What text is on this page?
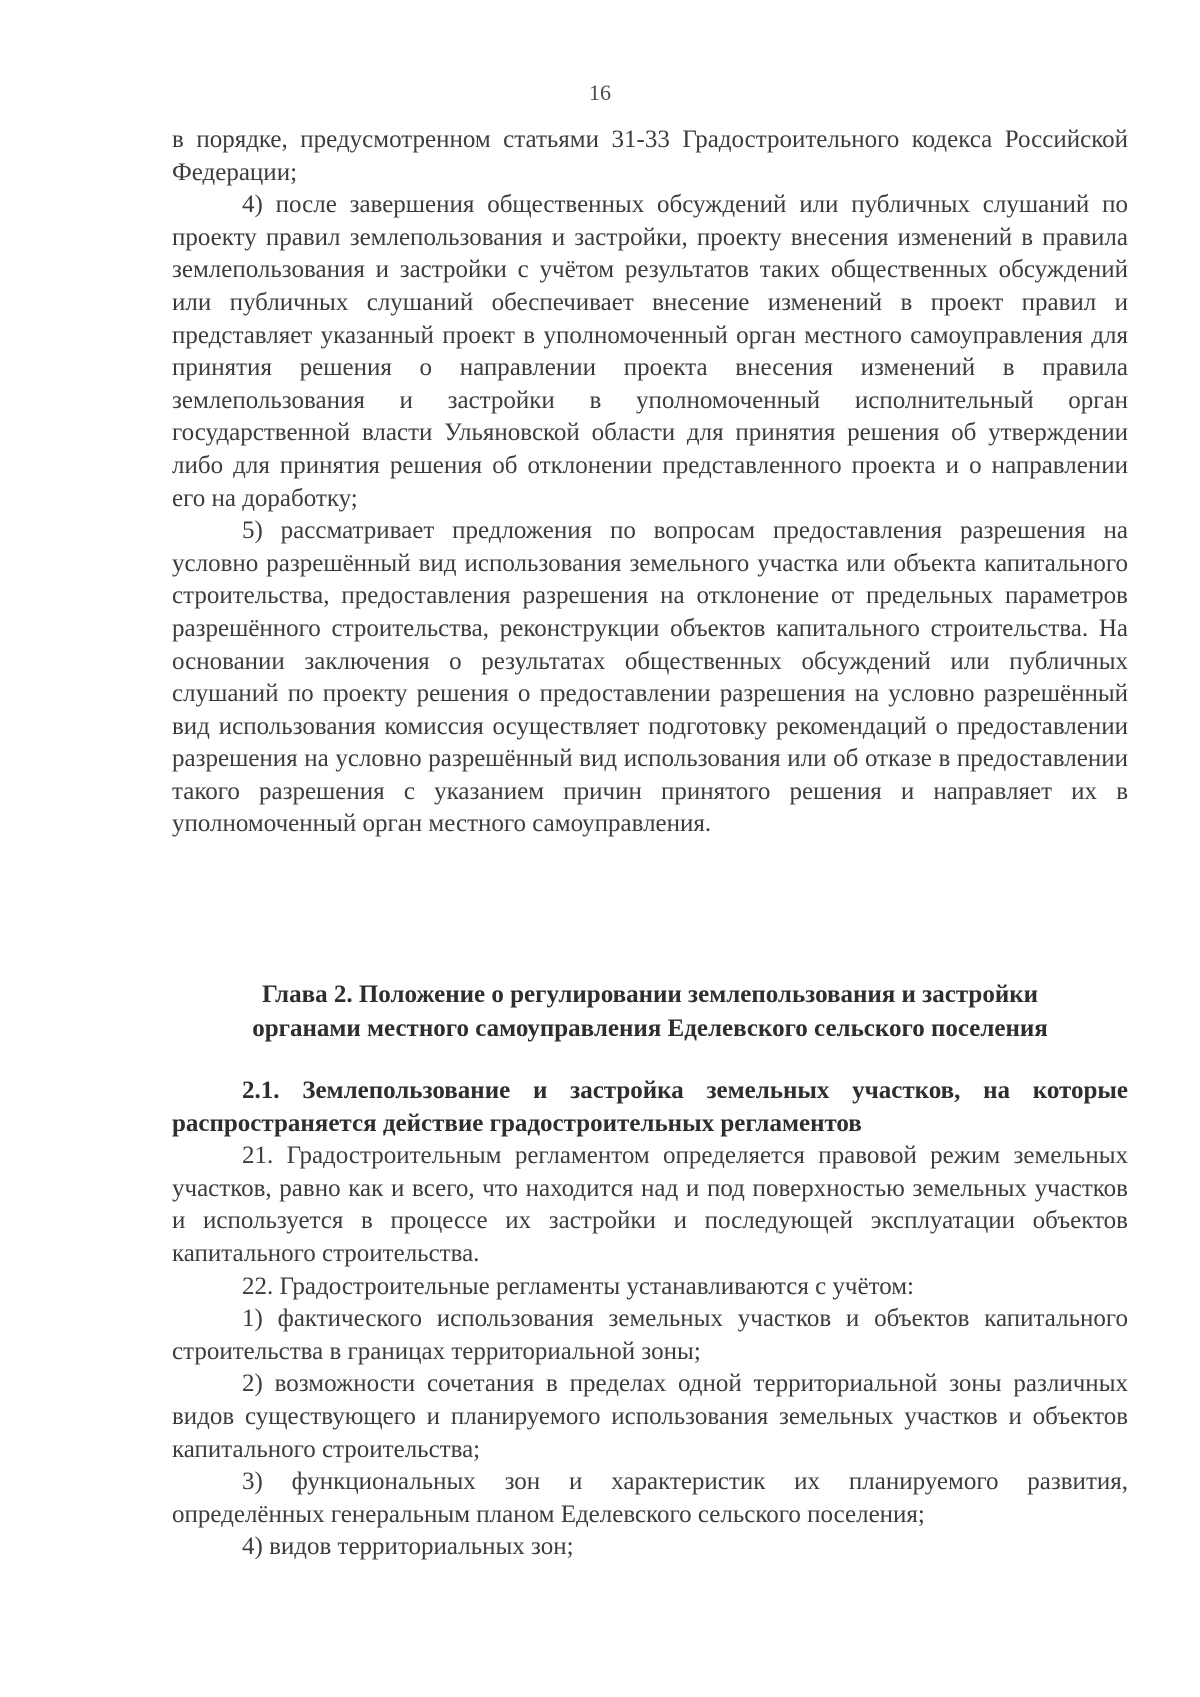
16

в порядке, предусмотренном статьями 31-33 Градостроительного кодекса Российской Федерации;

4) после завершения общественных обсуждений или публичных слушаний по проекту правил землепользования и застройки, проекту внесения изменений в правила землепользования и застройки с учётом результатов таких общественных обсуждений или публичных слушаний обеспечивает внесение изменений в проект правил и представляет указанный проект в уполномоченный орган местного самоуправления для принятия решения о направлении проекта внесения изменений в правила землепользования и застройки в уполномоченный исполнительный орган государственной власти Ульяновской области для принятия решения об утверждении либо для принятия решения об отклонении представленного проекта и о направлении его на доработку;

5) рассматривает предложения по вопросам предоставления разрешения на условно разрешённый вид использования земельного участка или объекта капитального строительства, предоставления разрешения на отклонение от предельных параметров разрешённого строительства, реконструкции объектов капитального строительства. На основании заключения о результатах общественных обсуждений или публичных слушаний по проекту решения о предоставлении разрешения на условно разрешённый вид использования комиссия осуществляет подготовку рекомендаций о предоставлении разрешения на условно разрешённый вид использования или об отказе в предоставлении такого разрешения с указанием причин принятого решения и направляет их в уполномоченный орган местного самоуправления.

Глава 2. Положение о регулировании землепользования и застройки
органами местного самоуправления Еделевского сельского поселения

2.1. Землепользование и застройка земельных участков, на которые распространяется действие градостроительных регламентов

21. Градостроительным регламентом определяется правовой режим земельных участков, равно как и всего, что находится над и под поверхностью земельных участков и используется в процессе их застройки и последующей эксплуатации объектов капитального строительства.

22. Градостроительные регламенты устанавливаются с учётом:

1) фактического использования земельных участков и объектов капитального строительства в границах территориальной зоны;

2) возможности сочетания в пределах одной территориальной зоны различных видов существующего и планируемого использования земельных участков и объектов капитального строительства;

3) функциональных зон и характеристик их планируемого развития, определённых генеральным планом Еделевского сельского поселения;

4) видов территориальных зон;
